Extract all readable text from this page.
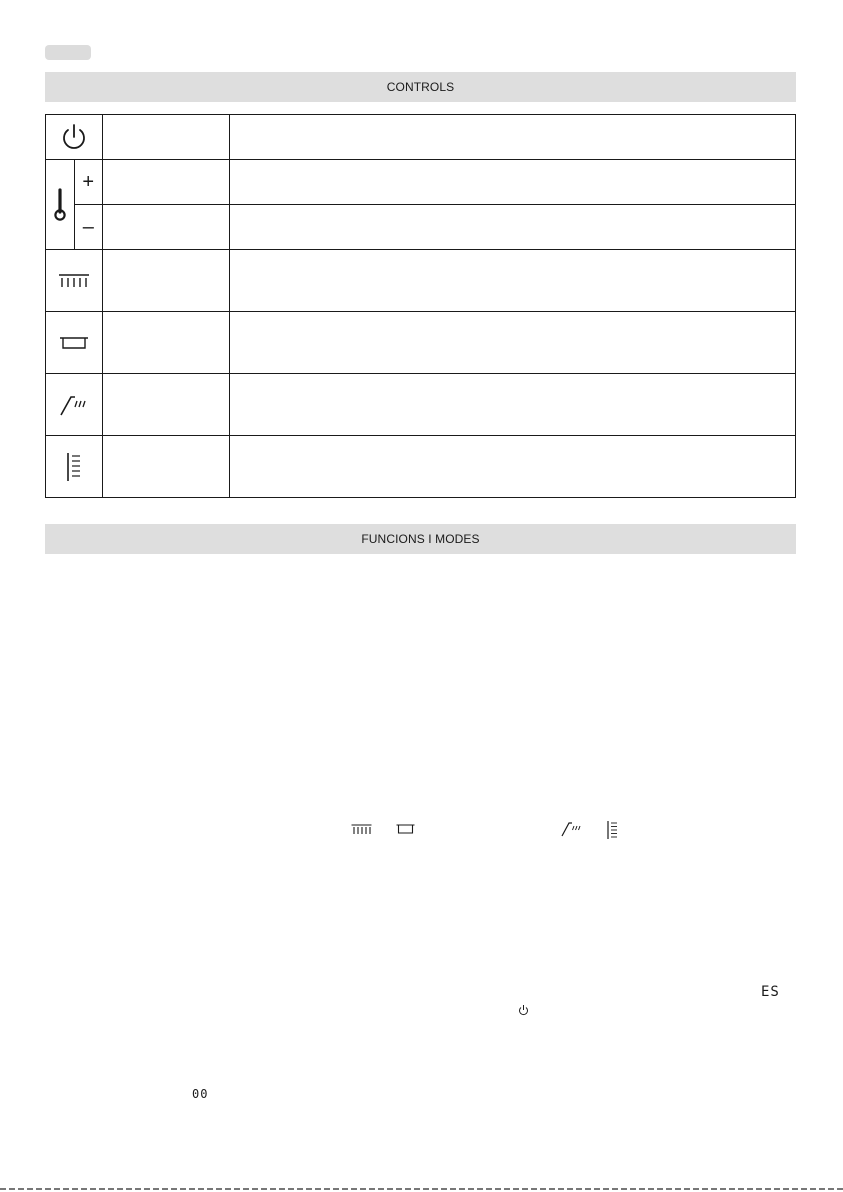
CONTROLS

	+		
	–		

FUNCIONS I MODES
ES
00
